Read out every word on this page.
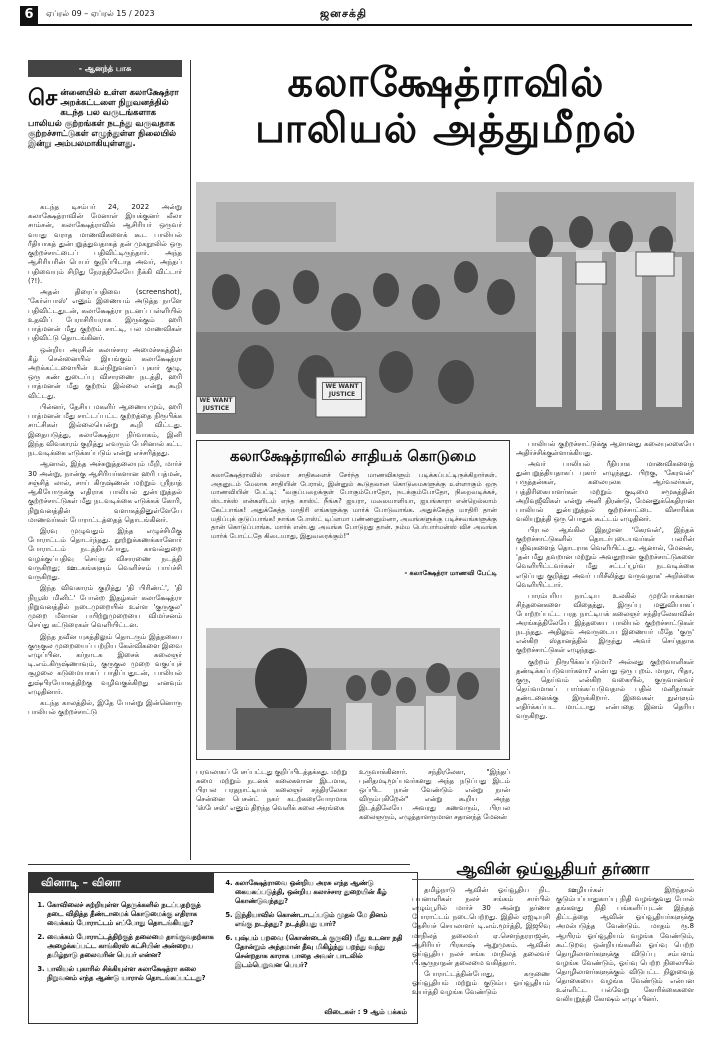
6	ஏப்ரல் 09 – ஏப்ரல் 15 / 2023	ஜனசக்தி
- ஆனந்த் பாசு	கலாக்ஷேத்ராவில்
பாலியல் அத்துமீறல்
சென்னையில் உள்ள கலாக்ஷேத்ரா அறக்கட்டளை நிறுவனத்தில் கடந்த பல வருடங்களாக பாலியல் குற்றங்கள் நடந்து வருவதாக குற்றச்சாட்டுகள் எழுந்துள்ள நிலையில் இன்று அம்பலமாகியுள்ளது.

கடந்த டிசம்பர் 24, 2022 அன்று கலாக்ஷேத்ராவின் மேனாள் இயக்குனர் லீலா சாம்சன், கலாக்ஷேத்ராவில் ஆசிரியர் ஒருவர் வயது வராத மாணவிகளைக் கூட பாலியல் ரீதியாகத் துன்புறுத்துவதாகத் தன் முகநூலில் ஒரு குற்றச்சாட்டைப் பதிவிட்டிருந்தார். அந்த ஆசிரியரின் பெயர் குறிப்பிடாத அவர், அந்தப் பதிவையும் சிறிது நேரத்திலேயே நீக்கி விட்டார் (?!).

அதன் திரைப்பதிவை (screenshot), 'கேர்ள்பாஸ்' எனும் இணையம் அடுத்த நாளே பதிவிட்டதுடன், கலாக்ஷேத்ரா நடனப் பள்ளியில் உதவிப் பேராசிரியராக இருக்கும் ஹரி பாத்மனன் மீது குற்றம் சாட்டி, பல மாணவிகள் பதிவிட்டு தொடங்கினர்.

ஒன்றிய அரசின் கலாச்சார அமைச்சகத்தின் கீழ் சென்னையில் இயங்கும் கலாக்ஷேத்ரா அறக்கட்டளையின் உள்நிறுவனப் புகார் குழு, ஒரு கண் துடைப்பு விசாரணை நடத்தி, ஹரி பாத்மனன் மீது குற்றம் இல்லை என்று கூறி விட்டது.

பின்னர், தேசிய மகளிர் ஆணையமும், ஹரி பாத்மனன் மீது சாட்டப்பட்ட குற்றத்தை நிரூபிக்க சாட்சிகள் இல்லையென்று கூறி விட்டது. இதையடுத்து, கலாக்ஷேத்ரா நிர்வாகம், இனி இந்த விவகாரம் குறித்து எவரும் பேசினால் கட்ட நடவடிக்கை எடுக்கப்படும் என்று எச்சரித்தது.

ஆனால், இந்த அச்சுறுத்தலையும் மீறி, மார்ச் 30 அன்று, நான்கு ஆசிரியர்களான ஹரி பத்மன், சஞ்சித் லால், சாய் கிருஷ்ணன் மற்றும் ஸ்ரீநாத் ஆகியோருக்கு எதிராக பாலியல் துன்புறுத்தல் குற்றச்சாட்டுகள் மீது நடவடிக்கை எடுக்கக் கோரி, நிறுவனத்தின் வளாகத்தினுள்ளேயே மாணவர்கள் போராட்டத்தைத் தொடங்கினர்.

இரவு முழுவதும் இந்த எழுச்சிமிகு போராட்டம் தொடர்ந்தது. நூற்றுக்கணக்கானோர் போராட்டம் நடத்தியபோது, காவல்துறை வழக்குப்பதிவு செய்து விசாரணை நடத்தி வருகிறது; ஊடகங்களும் வெளிச்சம் பாய்ச்சி வருகிறது.

இந்த விவகாரம் குறித்து 'தி பிரிண்ட்', 'தி நியூஸ் மினிட்' போன்ற இதழ்கள் கலாக்ஷேத்ரா நிறுவனத்தில் நடைமுறையில் உள்ள 'குருகுல' முறை மீளான பயிற்றுமுறையை விமர்சனம் செய்து கட்டுரைகள் வெளியிட்டன.

இந்த நவீன யுகத்திலும் தொடரும் இத்தகைய குருகுல முறையைப் பற்றிய கேள்விகளை இவை எழுப்பின. கர்நாடக இசைக் கலைஞர் டி.எம்.கிருஷ்ணாவும், குருகுல முறை வகுப்புச் சூழலை கடுமையாகப் பாதிப்பதுடன், பாலியல் துஷ்பிரயோகத்திற்கு வழிவகுக்கிறது எனவும் எழுதினார்.

கடந்த காலத்தில், இதே போன்று இன்னொரு பாலியல் குற்றச்சாட்டு

WE WANT JUSTICE
WE WANT JUSTICE
கலாக்ஷேத்ராவில் சாதியக் கொடுமை
கலாக்ஷேத்ராவில் எல்லா சாதிகளைச் சேர்ந்த மாணவிகளும் படிக்கப்பட்டிருக்கிறார்கள். அதனுடம் மேலாக சாதியின் பேரால், இன்னும் கூடுதலான கொடுமைகளுக்கு உள்ளாகும் ஒரு மாணவியின் பேட்டி: "வகுப்பறைக்குள் போகும்போதோ, நடக்கும்போதோ, நிறைவடிக்கச், ஸ்டாக்ஸ் என்களிடம் எந்த காஸ்ட் நீங்க? ஐயரா, மலையாளியா, ஐயங்காரா என்றெல்லாம் கேட்பாங்க! அதுக்கேத்த மாதிரி எங்களுக்கு மார்க் போடுவாங்க. அதுக்கேத்த மாதிரி தான் மதிப்புக் குடுப்பாங்க! நாங்க போஸ்ட் டிப்ளமா பண்ணனும்னா, அவங்களுக்கு படிச்சவங்களுக்கு தான் கொடுப்பாங்க. மார்க் என்பது அவங்க போடுறது தான். நம்ம பெர்பார்மன்ஸ் விச அவங்க மார்க் போட்டதே கிடையாது, இதுவரைக்கும்!"
- கலாக்ஷேத்ரா மாணவி பேட்டி
பரவலாகப் பேசப்பட்டது குறிப்பிடத்தக்கது. மற்று சுமை மற்றும் நடனக் கலைகளான இடமாக, பிரபல பரதநாட்டியக் கலைஞர் சந்திரலேகா சென்னை பெசன்ட் நகர் கடற்கரையோரமாக 'ஸ்பேசஸ்' எனும் திறந்த வெளிக் கலை அரங்கை
உருவாக்கினார். சந்திரலேகா, "இந்தப் புனிதமடிமூப்பவர்களது அந்த நடுப்பது இடம் ஒப்பிட நான் வேண்டும் என்று நான் விரும்புகிறேன்" என்று கூறிய அந்த இடத்திலேயே அவரது கணவரும், பிரபல கலைஞரும், எழுத்தாளருமான சதானந்த் மேனன்

பாலியல் குற்றச்சாட்டுக்கு ஆளானது கலையுலகையே அதிர்ச்சிக்குள்ளாக்கியது.

அவர் பாலியல் ரீதியாக மாணவிகளைத் துன்புறுத்தியதாகப் புகார் எழுந்தது. பிறகு, 'கேரவன்' பருத்தன்கள், கலையுலக ஆர்வலர்கள், பத்திரிகையாளர்கள் மற்றும் குடிமை சமூகத்தின் அறிவுஜீவிகள் என்று அனி திரண்டு, மேனனுக்கெதிரான பாலியல் துன்புறுத்தல் குற்றச்சாட்டை விசாரிக்க வலியுறுத்தி ஒரு பொதுக் கூட்டம் எழுதினர்.

பிரபல ஆங்கில இதழான 'கேரவன்', இந்தக் குற்றச்சாட்டுகளில் தொடர்புடையவர்கள் பலரின் பதிவுகளைத் தொடராக வெளியிட்டது. ஆனால், மேனன், 'தன் மீது தவறான மற்றும் அவதூறான குற்றச்சாட்டுகளை வெளியிட்டவர்கள் மீது சட்டப்பூர்வ நடவடிக்கை எடுப்பது குறித்து அவர் பரிசீலித்து வருவதாக' அறிக்கை வெளியிட்டார்.

பாரம்பரிய நாட்டிய உலகில் முற்போக்கான சிந்தனைகளை விதைத்து, இருப்பு மனுவியாகப் போற்றப்பட்ட பரத நாட்டியக் கலைஞர் சந்திரலேகாவின் அரங்கத்திலேயே இத்தகைய பாலியல் குற்றச்சாட்டுகள் நடந்தது. அதிலும் அவருடைய இணையர் மீதே 'குரு' என்கிற ஸ்தானத்தில் இருந்து அவர் செய்ததாக குற்றச்சாட்டுகள் எழுந்தது.

குற்றம் நிரூபிக்கப்படுமா? அல்லது குற்றவாளிகள் தண்டிக்கப்படுவார்களா? என்பது ஒரு புறம். மாதா, பிதா, குரு, தெய்வம் என்கிற வகையில், குருவானவர் தெய்வமாகப் பார்க்கப்படுவதால் பதில் மனிதர்கள் தண்டனைக்கு இருக்கிறார். இவைகள் நுள்ளும் எதிர்க்கப்பட மாட்டாது என்பதை இனம் தெரிய வருகிறது.

வினாடி – வினா
1. கோவிலைச் சுற்றியுள்ள தெருக்களில் நடப்பதற்குத் தடை விதித்த தீண்டாமைக் கொடுமைக்கு எதிராக வைக்கம் போராட்டம் எப்போது தொடங்கியது?
2. வைக்கம் போராட்டத்திற்குத் தலைமை தாங்குவதற்காக அழைக்கப்பட்ட காங்கிரஸ் கட்சியின் அன்றைய தமிழ்நாடு தலைவரின் பெயர் என்ன?
3. பாலியல் புகாரில் சிக்கியுள்ள கலாக்ஷேத்ரா கலை நிறுவனம் எந்த ஆண்டு யாரால் தொடங்கப்பட்டது?
4. கலாக்ஷேத்ராவை ஒன்றிய அரசு எந்த ஆண்டு கையகப்படுத்தி, ஒன்றிய கலாச்சார துறையின் கீழ் கொண்டுவந்தது?
5. இந்தியாவில் கொண்டாடப்படும் முதல் மே தினம் எங்கு நடந்தது? நடத்தியது யார்?
6. புஷ்பம் பறவை (கொண்டைக் குருவி) மீது உடனா நதி தோன்றும் அந்தமான் தீவு மிகிழ்ந்து பறந்து வந்து சென்றதாக காராக பாதை அவள் பாடலில் இடம்பெறுவன பெயர்?
விடைகள் : 9 ஆம் பக்கம்
ஆவின் ஒய்வூதியர் தர்ணா

தமிழ்நாடு ஆவின் ஓய்வூதிய நிட பயனாளிகள் நலச் சங்கம் சார்பில் எழும்பூரில் மார்ச் 30 அன்று தர்ணா போராட்டம் நடைபெற்றது. இதில் ஏஐடியுசி தேசியச் செயலாளர் டி.எம்.மூர்த்தி, இஜூவு மாநிலத் தலைவர் ஏ.சௌந்தரராஜன், ஆசிரியர் பிரகாஷ் ஆறுமுகம். ஆவின் ஓய்வூதிய நலச் சங்க மாநிலத் தலைவர் பி.சூருநாதன் தலைமை வகித்தார்.

போராட்டத்தின்போது, கருணை ஓய்வூதியம் மற்றும் குடும்ப ஓய்வூதியம் உயர்த்தி வழங்க வேண்டும்

ஊழியர்கள் இறந்தால் குடும்பப்பாதுகாப்பு நிதி வழங்குவது போல் தங்களது நிதி பங்களிப்புடன் இந்தத் திட்டத்தை ஆவின் ஓய்வூதியர்களுக்கு அமல்படுத்த வேண்டும். மாதம் ரூ.8 ஆயிரம் ஓய்வூதியம் வழங்க வேண்டும், கூட்டுறவு ஒன்றியங்களில் ஓய்வு பெற்ற தொழிலாளர்களுக்கு விடுப்பு சம்பளம் வழங்க வேண்டும், ஓய்வு பெற்ற நிலையில் தொழிலாளர்களுக்கும் விடுபட்ட நிலுவைத் தொகையை வழங்க வேண்டும் என்பன உள்ளிட்ட பல்வேறு கோரிக்கைகளை வலியுறுத்தி கோஷம் எழுப்பினர்.
